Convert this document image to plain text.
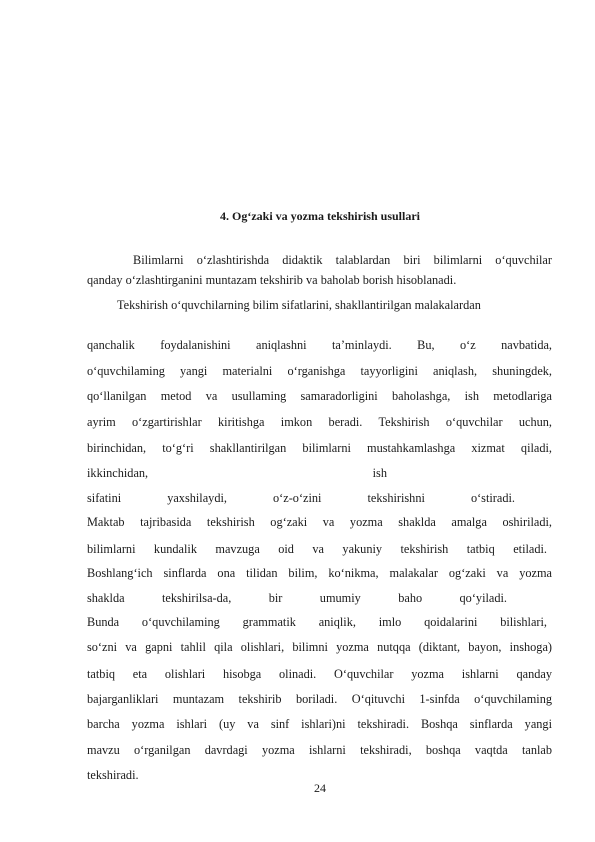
4. Og‘zaki va yozma tekshirish usullari
Bilimlarni o‘zlashtirishda didaktik talablardan biri bilimlarni o‘quvchilar
qanday o‘zlashtirganini muntazam tekshirib va baholab borish hisoblanadi.
Tekshirish o‘quvchilarning bilim sifatlarini, shakllantirilgan malakalardan
qanchalik foydalanishini aniqlashni ta’minlaydi. Bu, o‘z navbatida,
o‘quvchilaming yangi materialni o‘rganishga tayyorligini aniqlash, shuningdek,
qo‘llanilgan metod va usullaming samaradorligini baholashga, ish metodlariga
ayrim o‘zgartirishlar kiritishga imkon beradi. Tekshirish o‘quvchilar uchun,
birinchidan, to‘g‘ri shakllantirilgan bilimlarni mustahkamlashga xizmat qiladi,
ikkinchidan, ish
sifatini yaxshilaydi, o‘z-o‘zini tekshirishni o‘stiradi.
Maktab tajribasida tekshirish og‘zaki va yozma shaklda amalga oshiriladi,
bilimlarni kundalik mavzuga oid va yakuniy tekshirish tatbiq etiladi.
Boshlang‘ich sinflarda ona tilidan bilim, ko‘nikma, malakalar og‘zaki va yozma
shaklda tekshirilsa-da, bir umumiy baho qo‘yiladi.
Bunda o‘quvchilaming grammatik aniqlik, imlo qoidalarini bilishlari,
so‘zni va gapni tahlil qila olishlari, bilimni yozma nutqqa (diktant, bayon, inshoga)
tatbiq eta olishlari hisobga olinadi. O‘quvchilar yozma ishlarni qanday
bajarganliklari muntazam tekshirib boriladi. O‘qituvchi 1-sinfda o‘quvchilaming
barcha yozma ishlari (uy va sinf ishlari)ni tekshiradi. Boshqa sinflarda yangi
mavzu o‘rganilgan davrdagi yozma ishlarni tekshiradi, boshqa vaqtda tanlab
tekshiradi.
24
